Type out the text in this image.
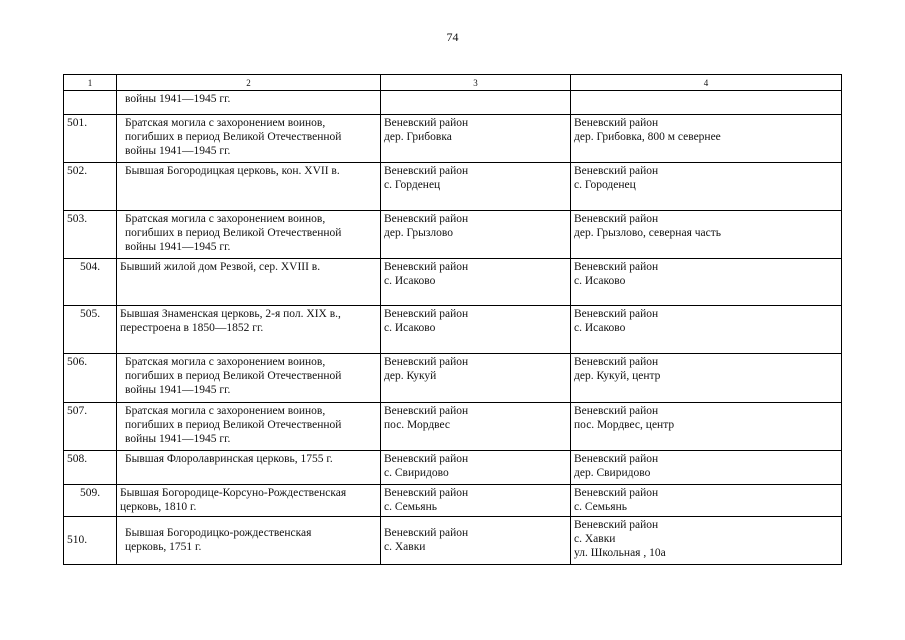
74
1	2	3	4
	войны 1941—1945 гг.		
501.	Братская могила с захоронением воинов,
погибших в период Великой Отечественной
войны 1941—1945 гг.	Веневский район
дер. Грибовка	Веневский район
дер. Грибовка, 800 м севернее
502.	Бывшая Богородицкая церковь, кон. XVII в.	Веневский район
с. Горденец	Веневский район
с. Городенец
503.	Братская могила с захоронением воинов,
погибших в период Великой Отечественной
войны 1941—1945 гг.	Веневский район
дер. Грызлово	Веневский район
дер. Грызлово, северная часть
504.	Бывший жилой дом Резвой, сер. XVIII в.	Веневский район
с. Исаково	Веневский район
с. Исаково
505.	Бывшая Знаменская церковь, 2-я пол. XIX в.,
перестроена в 1850—1852 гг.	Веневский район
с. Исаково	Веневский район
с. Исаково
506.	Братская могила с захоронением воинов,
погибших в период Великой Отечественной
войны 1941—1945 гг.	Веневский район
дер. Кукуй	Веневский район
дер. Кукуй, центр
507.	Братская могила с захоронением воинов,
погибших в период Великой Отечественной
войны 1941—1945 гг.	Веневский район
пос. Мордвес	Веневский район
пос. Мордвес, центр
508.	Бывшая Флоролавринская церковь, 1755 г.	Веневский район
с. Свиридово	Веневский район
дер. Свиридово
509.	Бывшая Богородице-Корсуно-Рождественская
церковь, 1810 г.	Веневский район
с. Семьянь	Веневский район
с. Семьянь
510.	Бывшая Богородицко-рождественская
церковь, 1751 г.	Веневский район
с. Хавки	Веневский район
с. Хавки
ул. Школьная , 10а
